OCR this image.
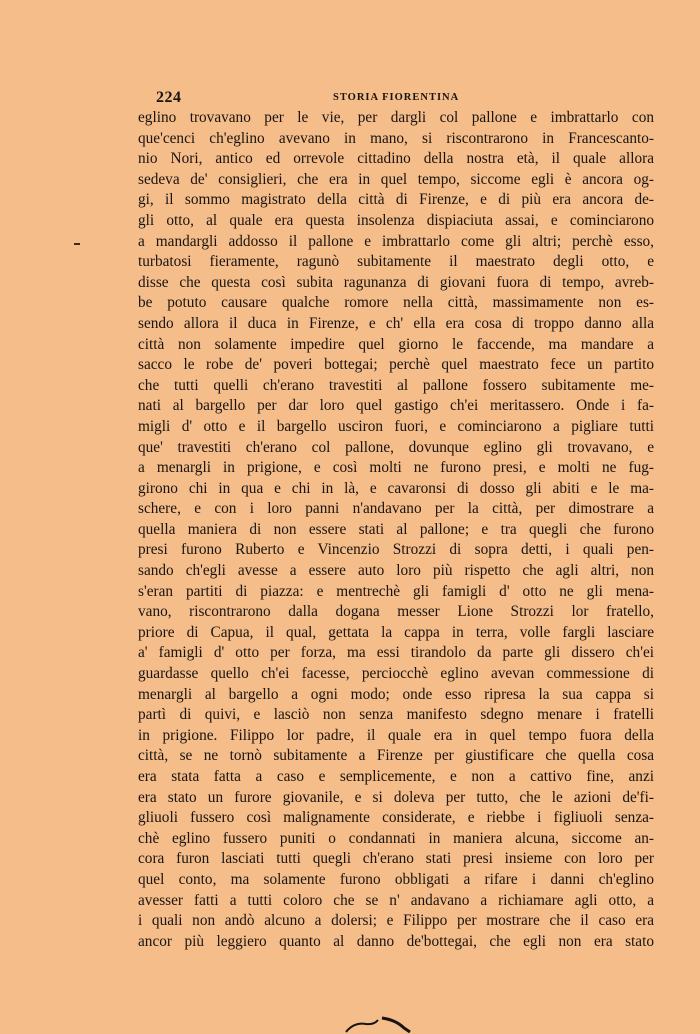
224	STORIA FIORENTINA
eglino trovavano per le vie, per dargli col pallone e imbrattarlo con
que'cenci ch'eglino avevano in mano, si riscontrarono in Francescanto-
nio Nori, antico ed orrevole cittadino della nostra età, il quale allora
sedeva de' consiglieri, che era in quel tempo, siccome egli è ancora og-
gi, il sommo magistrato della città di Firenze, e di più era ancora de-
gli otto, al quale era questa insolenza dispiaciuta assai, e cominciarono
a mandargli addosso il pallone e imbrattarlo come gli altri; perchè esso,
turbatosi fieramente, ragunò subitamente il maestrato degli otto, e
disse che questa così subita ragunanza di giovani fuora di tempo, avreb-
be potuto causare qualche romore nella città, massimamente non es-
sendo allora il duca in Firenze, e ch' ella era cosa di troppo danno alla
città non solamente impedire quel giorno le faccende, ma mandare a
sacco le robe de' poveri bottegai; perchè quel maestrato fece un partito
che tutti quelli ch'erano travestiti al pallone fossero subitamente me-
nati al bargello per dar loro quel gastigo ch'ei meritassero. Onde i fa-
migli d' otto e il bargello usciron fuori, e cominciarono a pigliare tutti
que' travestiti ch'erano col pallone, dovunque eglino gli trovavano, e
a menargli in prigione, e così molti ne furono presi, e molti ne fug-
girono chi in qua e chi in là, e cavaronsi di dosso gli abiti e le ma-
schere, e con i loro panni n'andavano per la città, per dimostrare a
quella maniera di non essere stati al pallone; e tra quegli che furono
presi furono Ruberto e Vincenzio Strozzi di sopra detti, i quali pen-
sando ch'egli avesse a essere auto loro più rispetto che agli altri, non
s'eran partiti di piazza: e mentrechè gli famigli d' otto ne gli mena-
vano, riscontrarono dalla dogana messer Lione Strozzi lor fratello,
priore di Capua, il qual, gettata la cappa in terra, volle fargli lasciare
a' famigli d' otto per forza, ma essi tirandolo da parte gli dissero ch'ei
guardasse quello ch'ei facesse, perciocchè eglino avevan commessione di
menargli al bargello a ogni modo; onde esso ripresa la sua cappa si
partì di quivi, e lasciò non senza manifesto sdegno menare i fratelli
in prigione. Filippo lor padre, il quale era in quel tempo fuora della
città, se ne tornò subitamente a Firenze per giustificare che quella cosa
era stata fatta a caso e semplicemente, e non a cattivo fine, anzi
era stato un furore giovanile, e si doleva per tutto, che le azioni de'fi-
gliuoli fussero così malignamente considerate, e riebbe i figliuoli senza-
chè eglino fussero puniti o condannati in maniera alcuna, siccome an-
cora furon lasciati tutti quegli ch'erano stati presi insieme con loro per
quel conto, ma solamente furono obbligati a rifare i danni ch'eglino
avesser fatti a tutti coloro che se n' andavano a richiamare agli otto, a
i quali non andò alcuno a dolersi; e Filippo per mostrare che il caso era
ancor più leggiero quanto al danno de'bottegai, che egli non era stato
